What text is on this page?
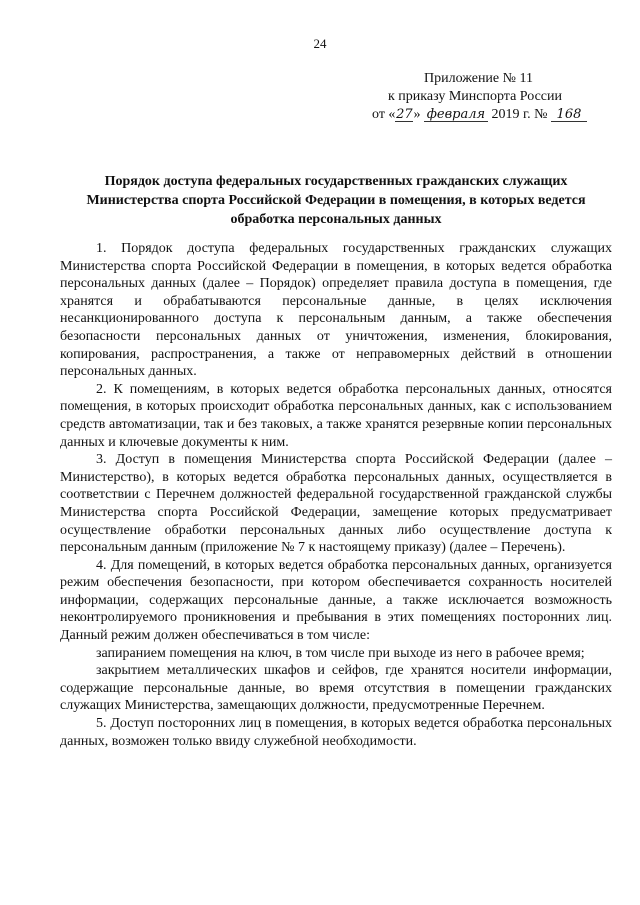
24
Приложение № 11
к приказу Минспорта России
от «27» февраля 2019 г. № 168
Порядок доступа федеральных государственных гражданских служащих Министерства спорта Российской Федерации в помещения, в которых ведется обработка персональных данных

1. Порядок доступа федеральных государственных гражданских служащих Министерства спорта Российской Федерации в помещения, в которых ведется обработка персональных данных (далее – Порядок) определяет правила доступа в помещения, где хранятся и обрабатываются персональные данные, в целях исключения несанкционированного доступа к персональным данным, а также обеспечения безопасности персональных данных от уничтожения, изменения, блокирования, копирования, распространения, а также от неправомерных действий в отношении персональных данных.

2. К помещениям, в которых ведется обработка персональных данных, относятся помещения, в которых происходит обработка персональных данных, как с использованием средств автоматизации, так и без таковых, а также хранятся резервные копии персональных данных и ключевые документы к ним.

3. Доступ в помещения Министерства спорта Российской Федерации (далее – Министерство), в которых ведется обработка персональных данных, осуществляется в соответствии с Перечнем должностей федеральной государственной гражданской службы Министерства спорта Российской Федерации, замещение которых предусматривает осуществление обработки персональных данных либо осуществление доступа к персональным данным (приложение № 7 к настоящему приказу) (далее – Перечень).

4. Для помещений, в которых ведется обработка персональных данных, организуется режим обеспечения безопасности, при котором обеспечивается сохранность носителей информации, содержащих персональные данные, а также исключается возможность неконтролируемого проникновения и пребывания в этих помещениях посторонних лиц. Данный режим должен обеспечиваться в том числе:

запиранием помещения на ключ, в том числе при выходе из него в рабочее время;

закрытием металлических шкафов и сейфов, где хранятся носители информации, содержащие персональные данные, во время отсутствия в помещении гражданских служащих Министерства, замещающих должности, предусмотренные Перечнем.

5. Доступ посторонних лиц в помещения, в которых ведется обработка персональных данных, возможен только ввиду служебной необходимости.
